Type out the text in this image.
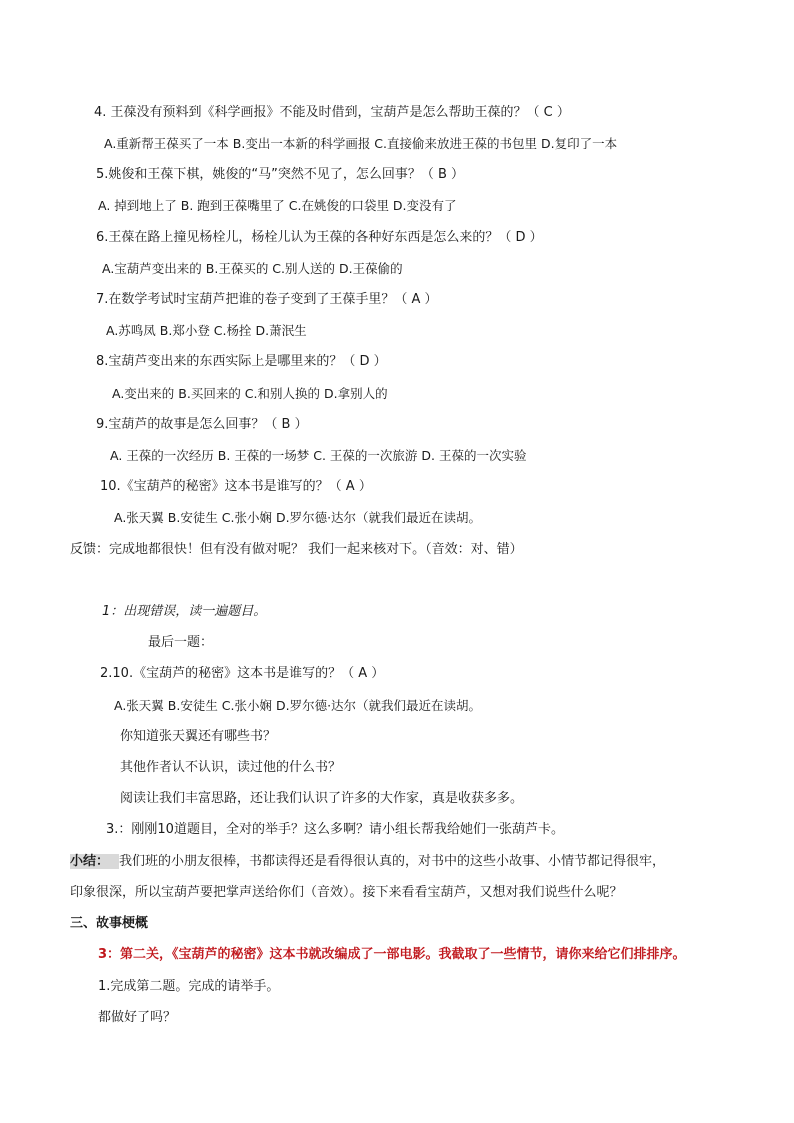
4. 王葆没有预料到《科学画报》不能及时借到，宝葫芦是怎么帮助王葆的？（ C ）
A.重新帮王葆买了一本 B.变出一本新的科学画报 C.直接偷来放进王葆的书包里 D.复印了一本
5.姚俊和王葆下棋，姚俊的“马”突然不见了，怎么回事？（ B ）
A. 掉到地上了 B. 跑到王葆嘴里了 C.在姚俊的口袋里 D.变没有了
6.王葆在路上撞见杨栓儿，杨栓儿认为王葆的各种好东西是怎么来的？（ D ）
A.宝葫芦变出来的 B.王葆买的 C.别人送的 D.王葆偷的
7.在数学考试时宝葫芦把谁的卷子变到了王葆手里？（ A ）
A.苏鸣凤 B.郑小登 C.杨拴 D.萧泯生
8.宝葫芦变出来的东西实际上是哪里来的？（ D ）
A.变出来的 B.买回来的 C.和别人换的 D.拿别人的
9.宝葫芦的故事是怎么回事？（ B ）
A. 王葆的一次经历 B. 王葆的一场梦 C. 王葆的一次旅游 D. 王葆的一次实验
10.《宝葫芦的秘密》这本书是谁写的？（ A ）
A.张天翼 B.安徒生 C.张小娴 D.罗尔德·达尔（就我们最近在读胡。
反馈：完成地都很快！但有没有做对呢？ 我们一起来核对下。（音效：对、错）
1：出现错误，读一遍题目。
最后一题：
2.10.《宝葫芦的秘密》这本书是谁写的？（ A ）
A.张天翼 B.安徒生 C.张小娴 D.罗尔德·达尔（就我们最近在读胡。
你知道张天翼还有哪些书？
其他作者认不认识，读过他的什么书？
阅读让我们丰富思路，还让我们认识了许多的大作家，真是收获多多。
3.：刚刚10道题目，全对的举手？这么多啊？请小组长帮我给她们一张葫芦卡。
小结： 我们班的小朋友很棒，书都读得还是看得很认真的，对书中的这些小故事、小情节都记得很牢，
印象很深，所以宝葫芦要把掌声送给你们（音效）。接下来看看宝葫芦，又想对我们说些什么呢？
三、故事梗概
3：第二关，《宝葫芦的秘密》这本书就改编成了一部电影。我截取了一些情节，请你来给它们排排序。
1.完成第二题。完成的请举手。
都做好了吗？
